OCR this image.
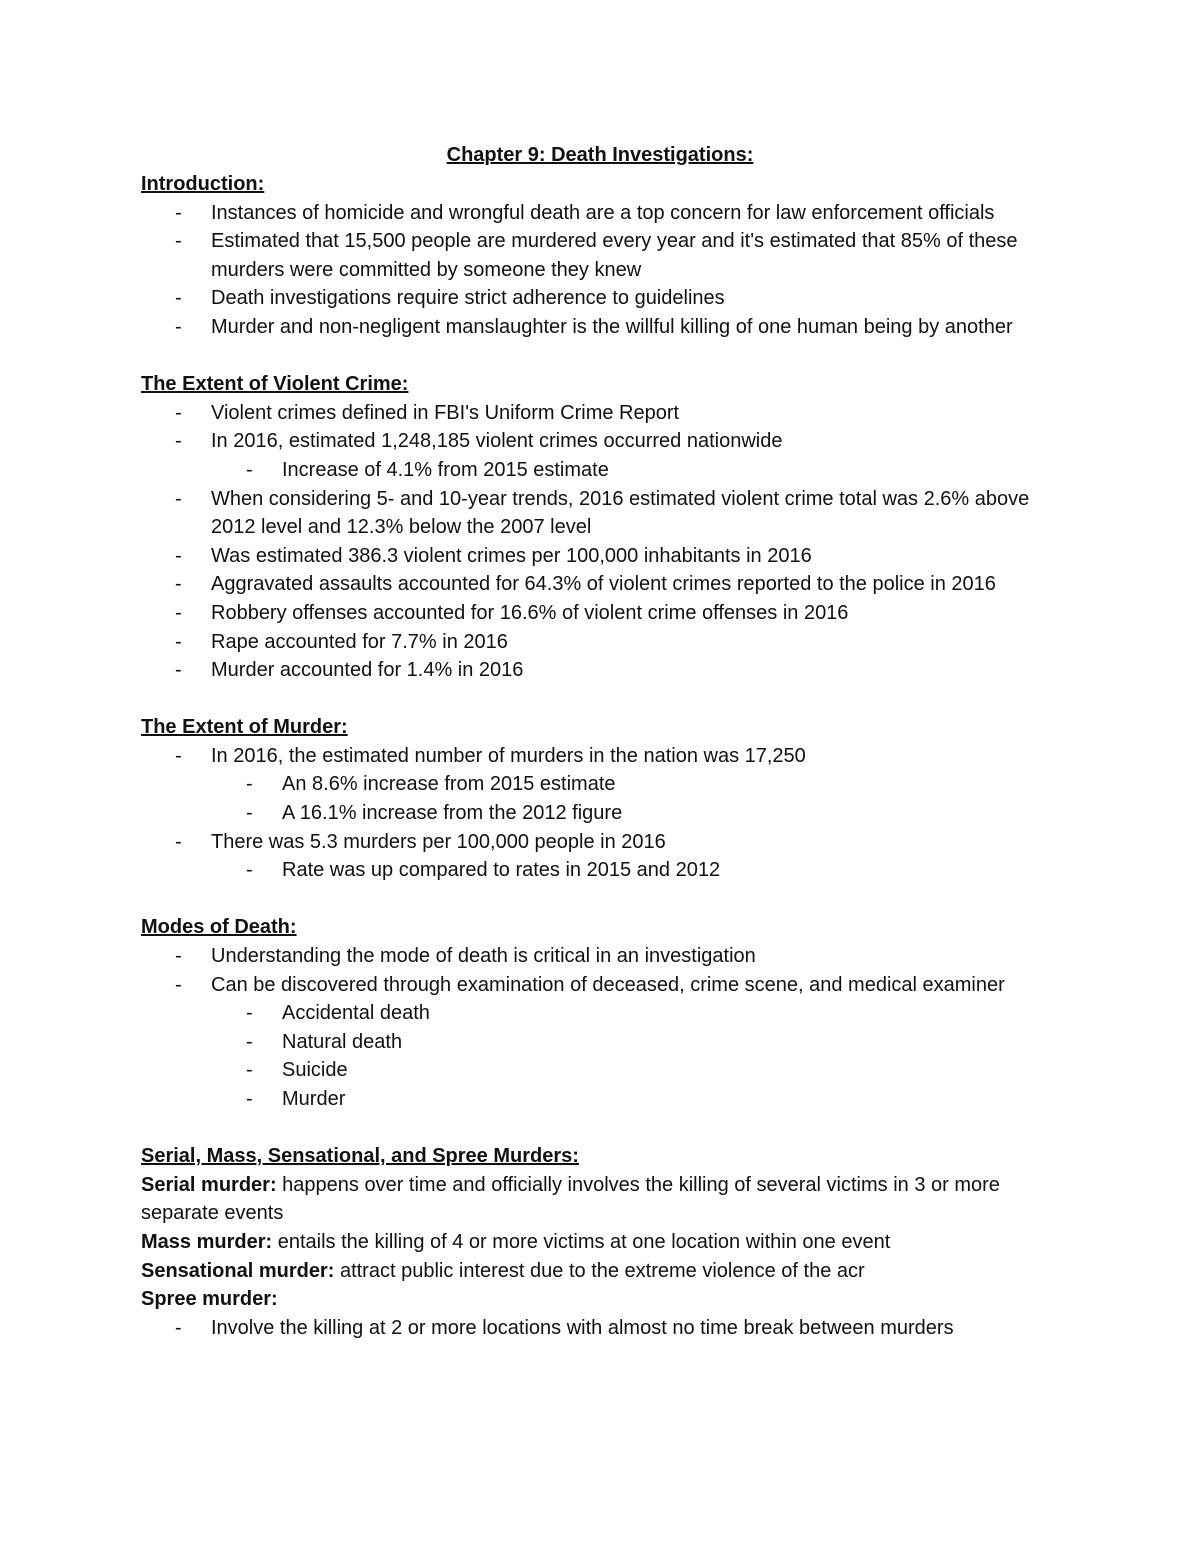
Chapter 9: Death Investigations:
Introduction:
- Instances of homicide and wrongful death are a top concern for law enforcement officials
- Estimated that 15,500 people are murdered every year and it's estimated that 85% of these murders were committed by someone they knew
- Death investigations require strict adherence to guidelines
- Murder and non-negligent manslaughter is the willful killing of one human being by another
The Extent of Violent Crime:
- Violent crimes defined in FBI's Uniform Crime Report
- In 2016, estimated 1,248,185 violent crimes occurred nationwide
- Increase of 4.1% from 2015 estimate
- When considering 5- and 10-year trends, 2016 estimated violent crime total was 2.6% above 2012 level and 12.3% below the 2007 level
- Was estimated 386.3 violent crimes per 100,000 inhabitants in 2016
- Aggravated assaults accounted for 64.3% of violent crimes reported to the police in 2016
- Robbery offenses accounted for 16.6% of violent crime offenses in 2016
- Rape accounted for 7.7% in 2016
- Murder accounted for 1.4% in 2016
The Extent of Murder:
- In 2016, the estimated number of murders in the nation was 17,250
- An 8.6% increase from 2015 estimate
- A 16.1% increase from the 2012 figure
- There was 5.3 murders per 100,000 people in 2016
- Rate was up compared to rates in 2015 and 2012
Modes of Death:
- Understanding the mode of death is critical in an investigation
- Can be discovered through examination of deceased, crime scene, and medical examiner
- Accidental death
- Natural death
- Suicide
- Murder
Serial, Mass, Sensational, and Spree Murders:
Serial murder: happens over time and officially involves the killing of several victims in 3 or more separate events
Mass murder: entails the killing of 4 or more victims at one location within one event
Sensational murder: attract public interest due to the extreme violence of the acr
Spree murder:
- Involve the killing at 2 or more locations with almost no time break between murders
